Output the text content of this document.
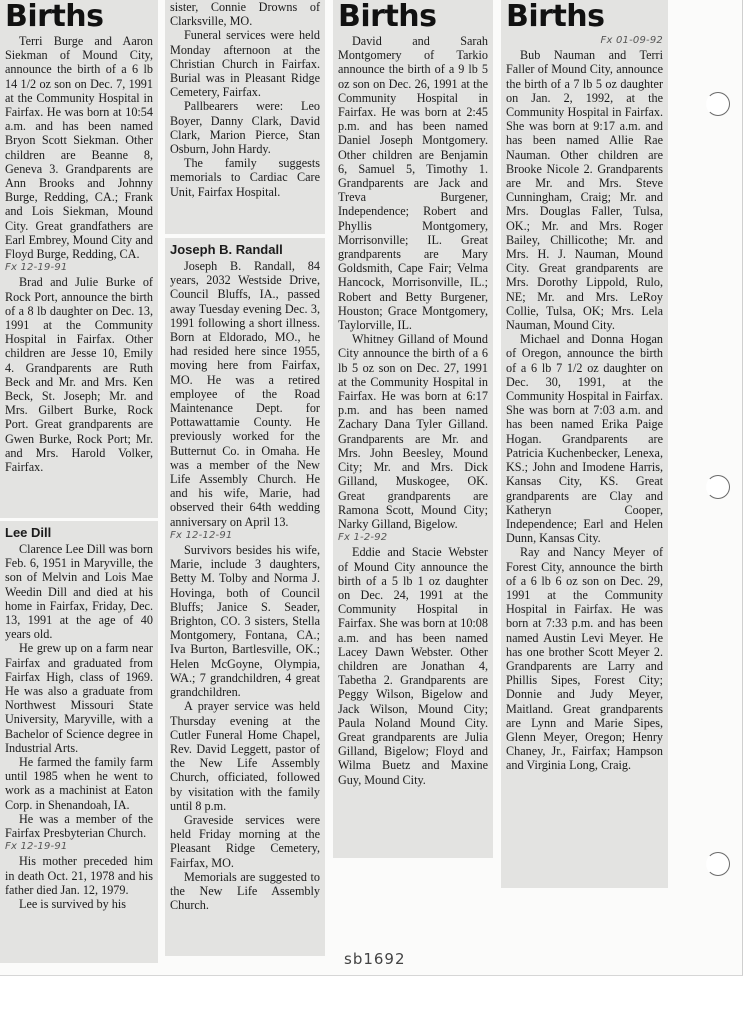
Births

Terri Burge and Aaron Siekman of Mound City, announce the birth of a 6 lb 14 1/2 oz son on Dec. 7, 1991 at the Community Hospital in Fairfax. He was born at 10:54 a.m. and has been named Bryon Scott Siekman. Other children are Beanne 8, Geneva 3. Grandparents are Ann Brooks and Johnny Burge, Redding, CA.; Frank and Lois Siekman, Mound City. Great grandfathers are Earl Embrey, Mound City and Floyd Burge, Redding, CA.

Fx 12-19-91

Brad and Julie Burke of Rock Port, announce the birth of a 8 lb daughter on Dec. 13, 1991 at the Community Hospital in Fairfax. Other children are Jesse 10, Emily 4. Grandparents are Ruth Beck and Mr. and Mrs. Ken Beck, St. Joseph; Mr. and Mrs. Gilbert Burke, Rock Port. Great grandparents are Gwen Burke, Rock Port; Mr. and Mrs. Harold Volker, Fairfax.

Lee Dill

Clarence Lee Dill was born Feb. 6, 1951 in Maryville, the son of Melvin and Lois Mae Weedin Dill and died at his home in Fairfax, Friday, Dec. 13, 1991 at the age of 40 years old.

He grew up on a farm near Fairfax and graduated from Fairfax High, class of 1969. He was also a graduate from Northwest Missouri State University, Maryville, with a Bachelor of Science degree in Industrial Arts.

He farmed the family farm until 1985 when he went to work as a machinist at Eaton Corp. in Shenandoah, IA.

He was a member of the Fairfax Presbyterian Church.

Fx 12-19-91

His mother preceded him in death Oct. 21, 1978 and his father died Jan. 12, 1979.

Lee is survived by his

sister, Connie Drowns of Clarksville, MO.

Funeral services were held Monday afternoon at the Christian Church in Fairfax. Burial was in Pleasant Ridge Cemetery, Fairfax.

Pallbearers were: Leo Boyer, Danny Clark, David Clark, Marion Pierce, Stan Osburn, John Hardy.

The family suggests memorials to Cardiac Care Unit, Fairfax Hospital.

Joseph B. Randall

Joseph B. Randall, 84 years, 2032 Westside Drive, Council Bluffs, IA., passed away Tuesday evening Dec. 3, 1991 following a short illness. Born at Eldorado, MO., he had resided here since 1955, moving here from Fairfax, MO. He was a retired employee of the Road Maintenance Dept. for Pottawattamie County. He previously worked for the Butternut Co. in Omaha. He was a member of the New Life Assembly Church. He and his wife, Marie, had observed their 64th wedding anniversary on April 13.

Fx 12-12-91

Survivors besides his wife, Marie, include 3 daughters, Betty M. Tolby and Norma J. Hovinga, both of Council Bluffs; Janice S. Seader, Brighton, CO. 3 sisters, Stella Montgomery, Fontana, CA.; Iva Burton, Bartlesville, OK.; Helen McGoyne, Olympia, WA.; 7 grandchildren, 4 great grandchildren.

A prayer service was held Thursday evening at the Cutler Funeral Home Chapel, Rev. David Leggett, pastor of the New Life Assembly Church, officiated, followed by visitation with the family until 8 p.m.

Graveside services were held Friday morning at the Pleasant Ridge Cemetery, Fairfax, MO.

Memorials are suggested to the New Life Assembly Church.

Births

David and Sarah Montgomery of Tarkio announce the birth of a 9 lb 5 oz son on Dec. 26, 1991 at the Community Hospital in Fairfax. He was born at 2:45 p.m. and has been named Daniel Joseph Montgomery. Other children are Benjamin 6, Samuel 5, Timothy 1. Grandparents are Jack and Treva Burgener, Independence; Robert and Phyllis Montgomery, Morrisonville; IL. Great grandparents are Mary Goldsmith, Cape Fair; Velma Hancock, Morrisonville, IL.; Robert and Betty Burgener, Houston; Grace Montgomery, Taylorville, IL.

Whitney Gilland of Mound City announce the birth of a 6 lb 5 oz son on Dec. 27, 1991 at the Community Hospital in Fairfax. He was born at 6:17 p.m. and has been named Zachary Dana Tyler Gilland. Grandparents are Mr. and Mrs. John Beesley, Mound City; Mr. and Mrs. Dick Gilland, Muskogee, OK. Great grandparents are Ramona Scott, Mound City; Narky Gilland, Bigelow.

Fx 1-2-92

Eddie and Stacie Webster of Mound City announce the birth of a 5 lb 1 oz daughter on Dec. 24, 1991 at the Community Hospital in Fairfax. She was born at 10:08 a.m. and has been named Lacey Dawn Webster. Other children are Jonathan 4, Tabetha 2. Grandparents are Peggy Wilson, Bigelow and Jack Wilson, Mound City; Paula Noland Mound City. Great grandparents are Julia Gilland, Bigelow; Floyd and Wilma Buetz and Maxine Guy, Mound City.

Births
Fx 01-09-92

Bub Nauman and Terri Faller of Mound City, announce the birth of a 7 lb 5 oz daughter on Jan. 2, 1992, at the Community Hospital in Fairfax. She was born at 9:17 a.m. and has been named Allie Rae Nauman. Other children are Brooke Nicole 2. Grandparents are Mr. and Mrs. Steve Cunningham, Craig; Mr. and Mrs. Douglas Faller, Tulsa, OK.; Mr. and Mrs. Roger Bailey, Chillicothe; Mr. and Mrs. H. J. Nauman, Mound City. Great grandparents are Mrs. Dorothy Lippold, Rulo, NE; Mr. and Mrs. LeRoy Collie, Tulsa, OK; Mrs. Lela Nauman, Mound City.

Michael and Donna Hogan of Oregon, announce the birth of a 6 lb 7 1/2 oz daughter on Dec. 30, 1991, at the Community Hospital in Fairfax. She was born at 7:03 a.m. and has been named Erika Paige Hogan. Grandparents are Patricia Kuchenbecker, Lenexa, KS.; John and Imodene Harris, Kansas City, KS. Great grandparents are Clay and Katheryn Cooper, Independence; Earl and Helen Dunn, Kansas City.

Ray and Nancy Meyer of Forest City, announce the birth of a 6 lb 6 oz son on Dec. 29, 1991 at the Community Hospital in Fairfax. He was born at 7:33 p.m. and has been named Austin Levi Meyer. He has one brother Scott Meyer 2. Grandparents are Larry and Phillis Sipes, Forest City; Donnie and Judy Meyer, Maitland. Great grandparents are Lynn and Marie Sipes, Glenn Meyer, Oregon; Henry Chaney, Jr., Fairfax; Hampson and Virginia Long, Craig.

sb1692
